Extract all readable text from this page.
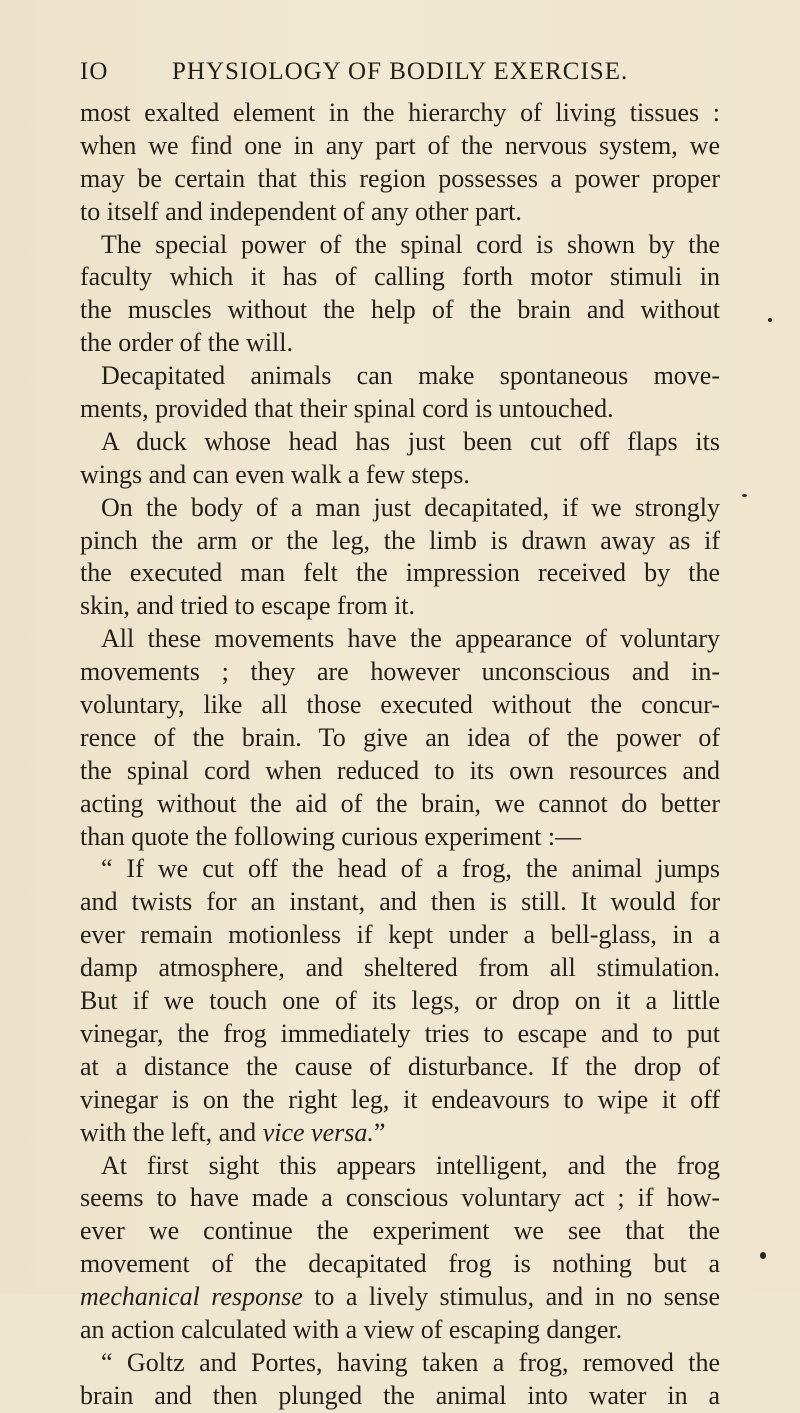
IO	PHYSIOLOGY OF BODILY EXERCISE.
most exalted element in the hierarchy of living tissues :
when we find one in any part of the nervous system, we
may be certain that this region possesses a power proper
to itself and independent of any other part.
The special power of the spinal cord is shown by the
faculty which it has of calling forth motor stimuli in
the muscles without the help of the brain and without
the order of the will.
Decapitated animals can make spontaneous move-
ments, provided that their spinal cord is untouched.
A duck whose head has just been cut off flaps its
wings and can even walk a few steps.
On the body of a man just decapitated, if we strongly
pinch the arm or the leg, the limb is drawn away as if
the executed man felt the impression received by the
skin, and tried to escape from it.
All these movements have the appearance of voluntary
movements ; they are however unconscious and in-
voluntary, like all those executed without the concur-
rence of the brain. To give an idea of the power of
the spinal cord when reduced to its own resources and
acting without the aid of the brain, we cannot do better
than quote the following curious experiment :—
“ If we cut off the head of a frog, the animal jumps
and twists for an instant, and then is still. It would for
ever remain motionless if kept under a bell-glass, in a
damp atmosphere, and sheltered from all stimulation.
But if we touch one of its legs, or drop on it a little
vinegar, the frog immediately tries to escape and to put
at a distance the cause of disturbance. If the drop of
vinegar is on the right leg, it endeavours to wipe it off
with the left, and vice versa.”
At first sight this appears intelligent, and the frog
seems to have made a conscious voluntary act ; if how-
ever we continue the experiment we see that the
movement of the decapitated frog is nothing but a
mechanical response to a lively stimulus, and in no sense
an action calculated with a view of escaping danger.
“ Goltz and Portes, having taken a frog, removed the
brain and then plunged the animal into water in a
